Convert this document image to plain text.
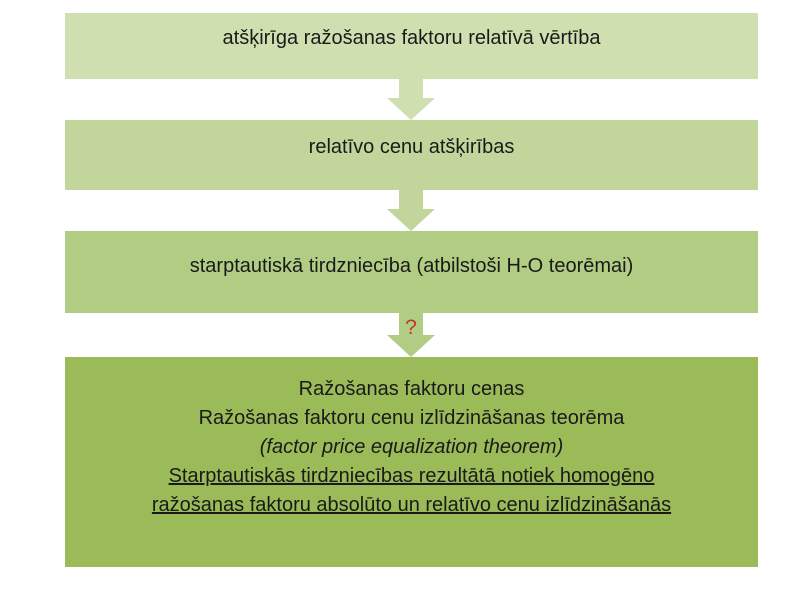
atšķirīga ražošanas faktoru relatīvā vērtība
relatīvo cenu atšķirības
starptautiskā tirdzniecība (atbilstoši H-O teorēmai)
?
Ražošanas faktoru cenas
Ražošanas faktoru cenu izlīdzināšanas teorēma
(factor price equalization theorem)
Starptautiskās tirdzniecības rezultātā notiek homogēno
ražošanas faktoru absolūto un relatīvo cenu izlīdzināšanās
